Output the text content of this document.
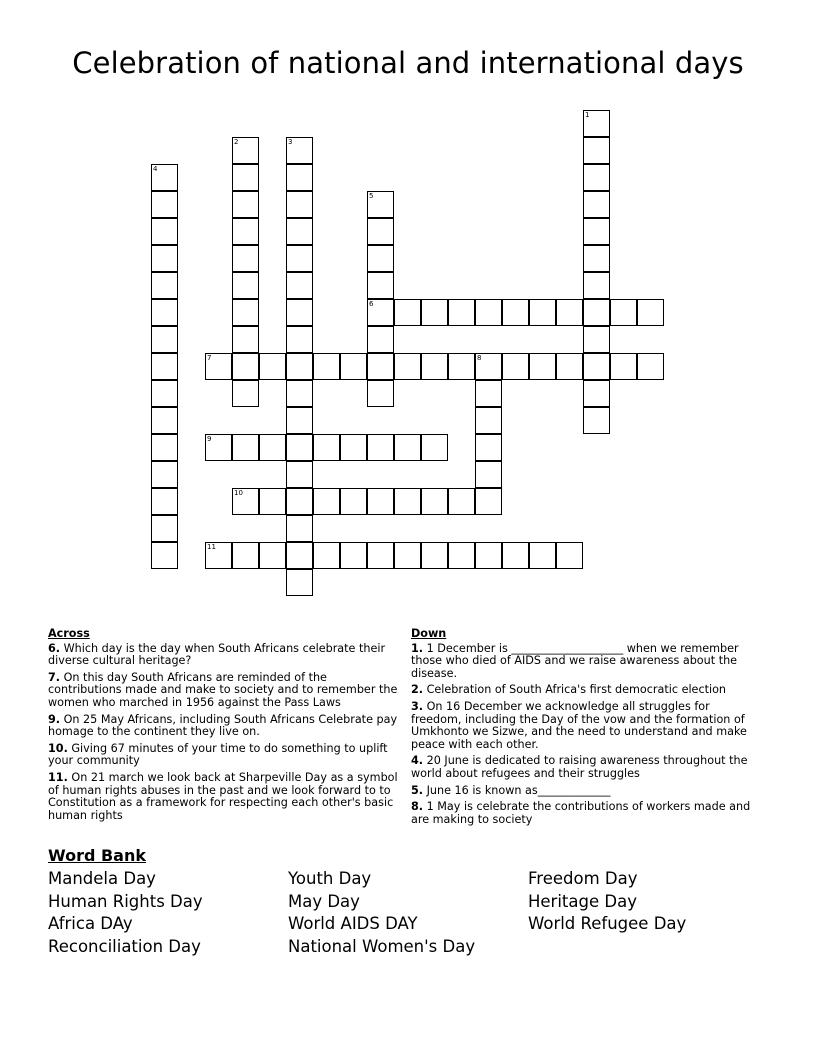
Celebration of national and international days
1
2	3
4
5
6
7	8
9
10
11
Across
6. Which day is the day when South Africans celebrate their diverse cultural heritage?
7. On this day South Africans are reminded of the contributions made and make to society and to remember the women who marched in 1956 against the Pass Laws
9. On 25 May Africans, including South Africans Celebrate pay homage to the continent they live on.
10. Giving 67 minutes of your time to do something to uplift your community
11. On 21 march we look back at Sharpeville Day as a symbol of human rights abuses in the past and we look forward to to Constitution as a framework for respecting each other's basic human rights
Down
1. 1 December is ____________________ when we remember those who died of AIDS and we raise awareness about the disease.
2. Celebration of South Africa's first democratic election
3. On 16 December we acknowledge all struggles for freedom, including the Day of the vow and the formation of Umkhonto we Sizwe, and the need to understand and make peace with each other.
4. 20 June is dedicated to raising awareness throughout the world about refugees and their struggles
5. June 16 is known as_____________
8. 1 May is celebrate the contributions of workers made and are making to society
Word Bank
Mandela Day	Youth Day	Freedom Day
Human Rights Day	May Day	Heritage Day
Africa DAy	World AIDS DAY	World Refugee Day
Reconciliation Day	National Women's Day
